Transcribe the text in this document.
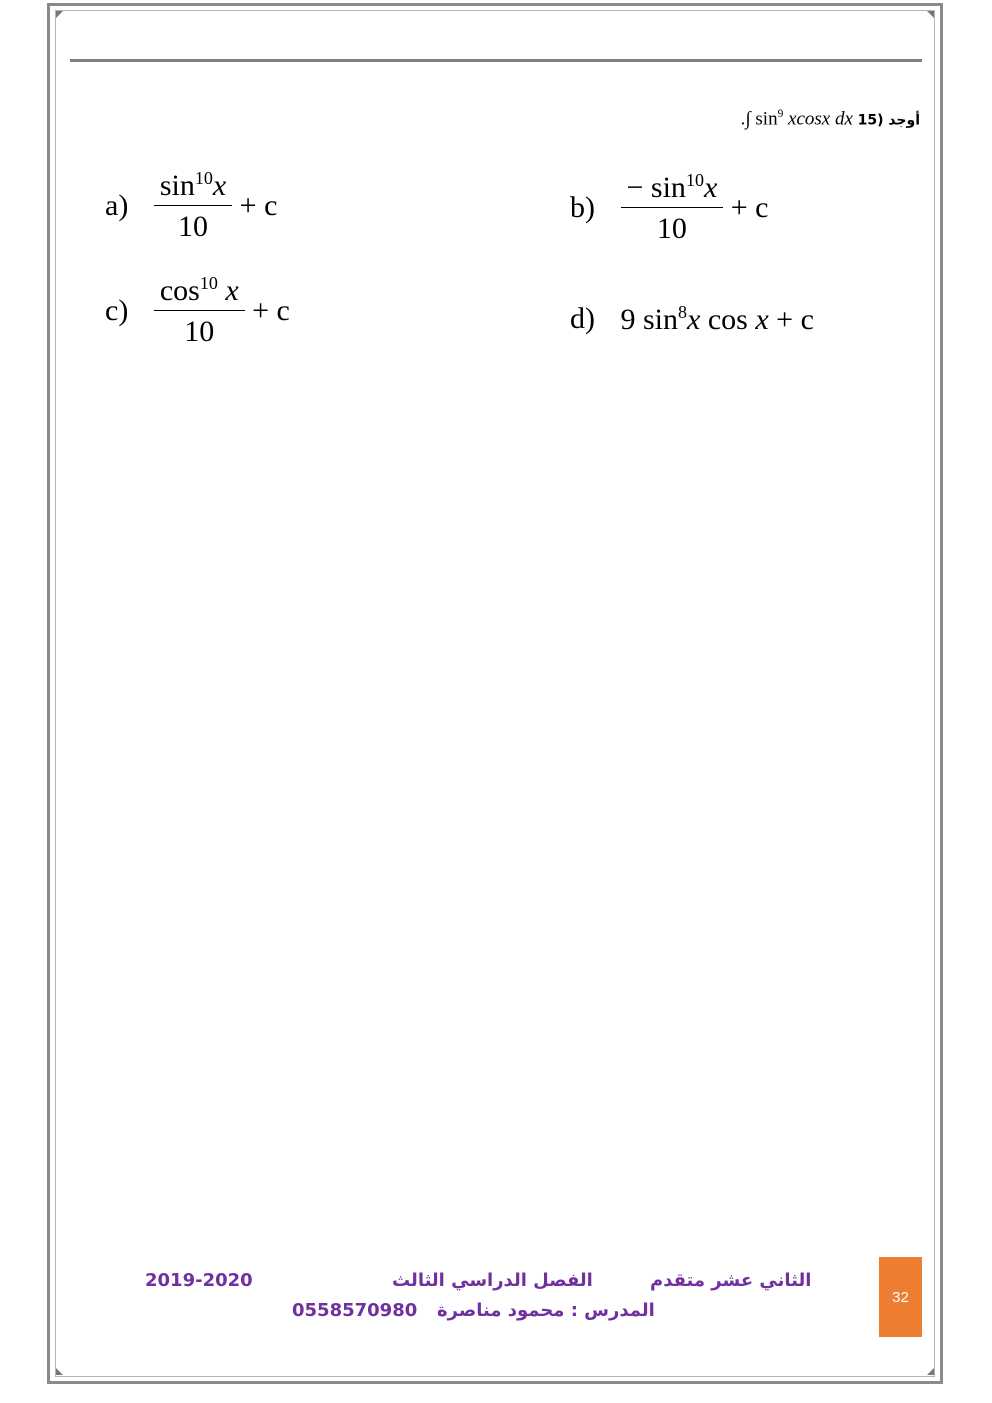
.∫ $\sin^9 xcosx$ dx	أوجد (15
$a) \frac{\sin^{10}x}{10} + c$	$b) \frac{- \sin^{10}x}{10} + c$
$c) \frac{\cos^{10} x}{10} + c$	d) 9 $\sin^8x$ cos x + c
2019-2020	الفصل الدراسي الثالث	الثاني عشر متقدم
0558570980 المدرس : محمود مناصرة
32
